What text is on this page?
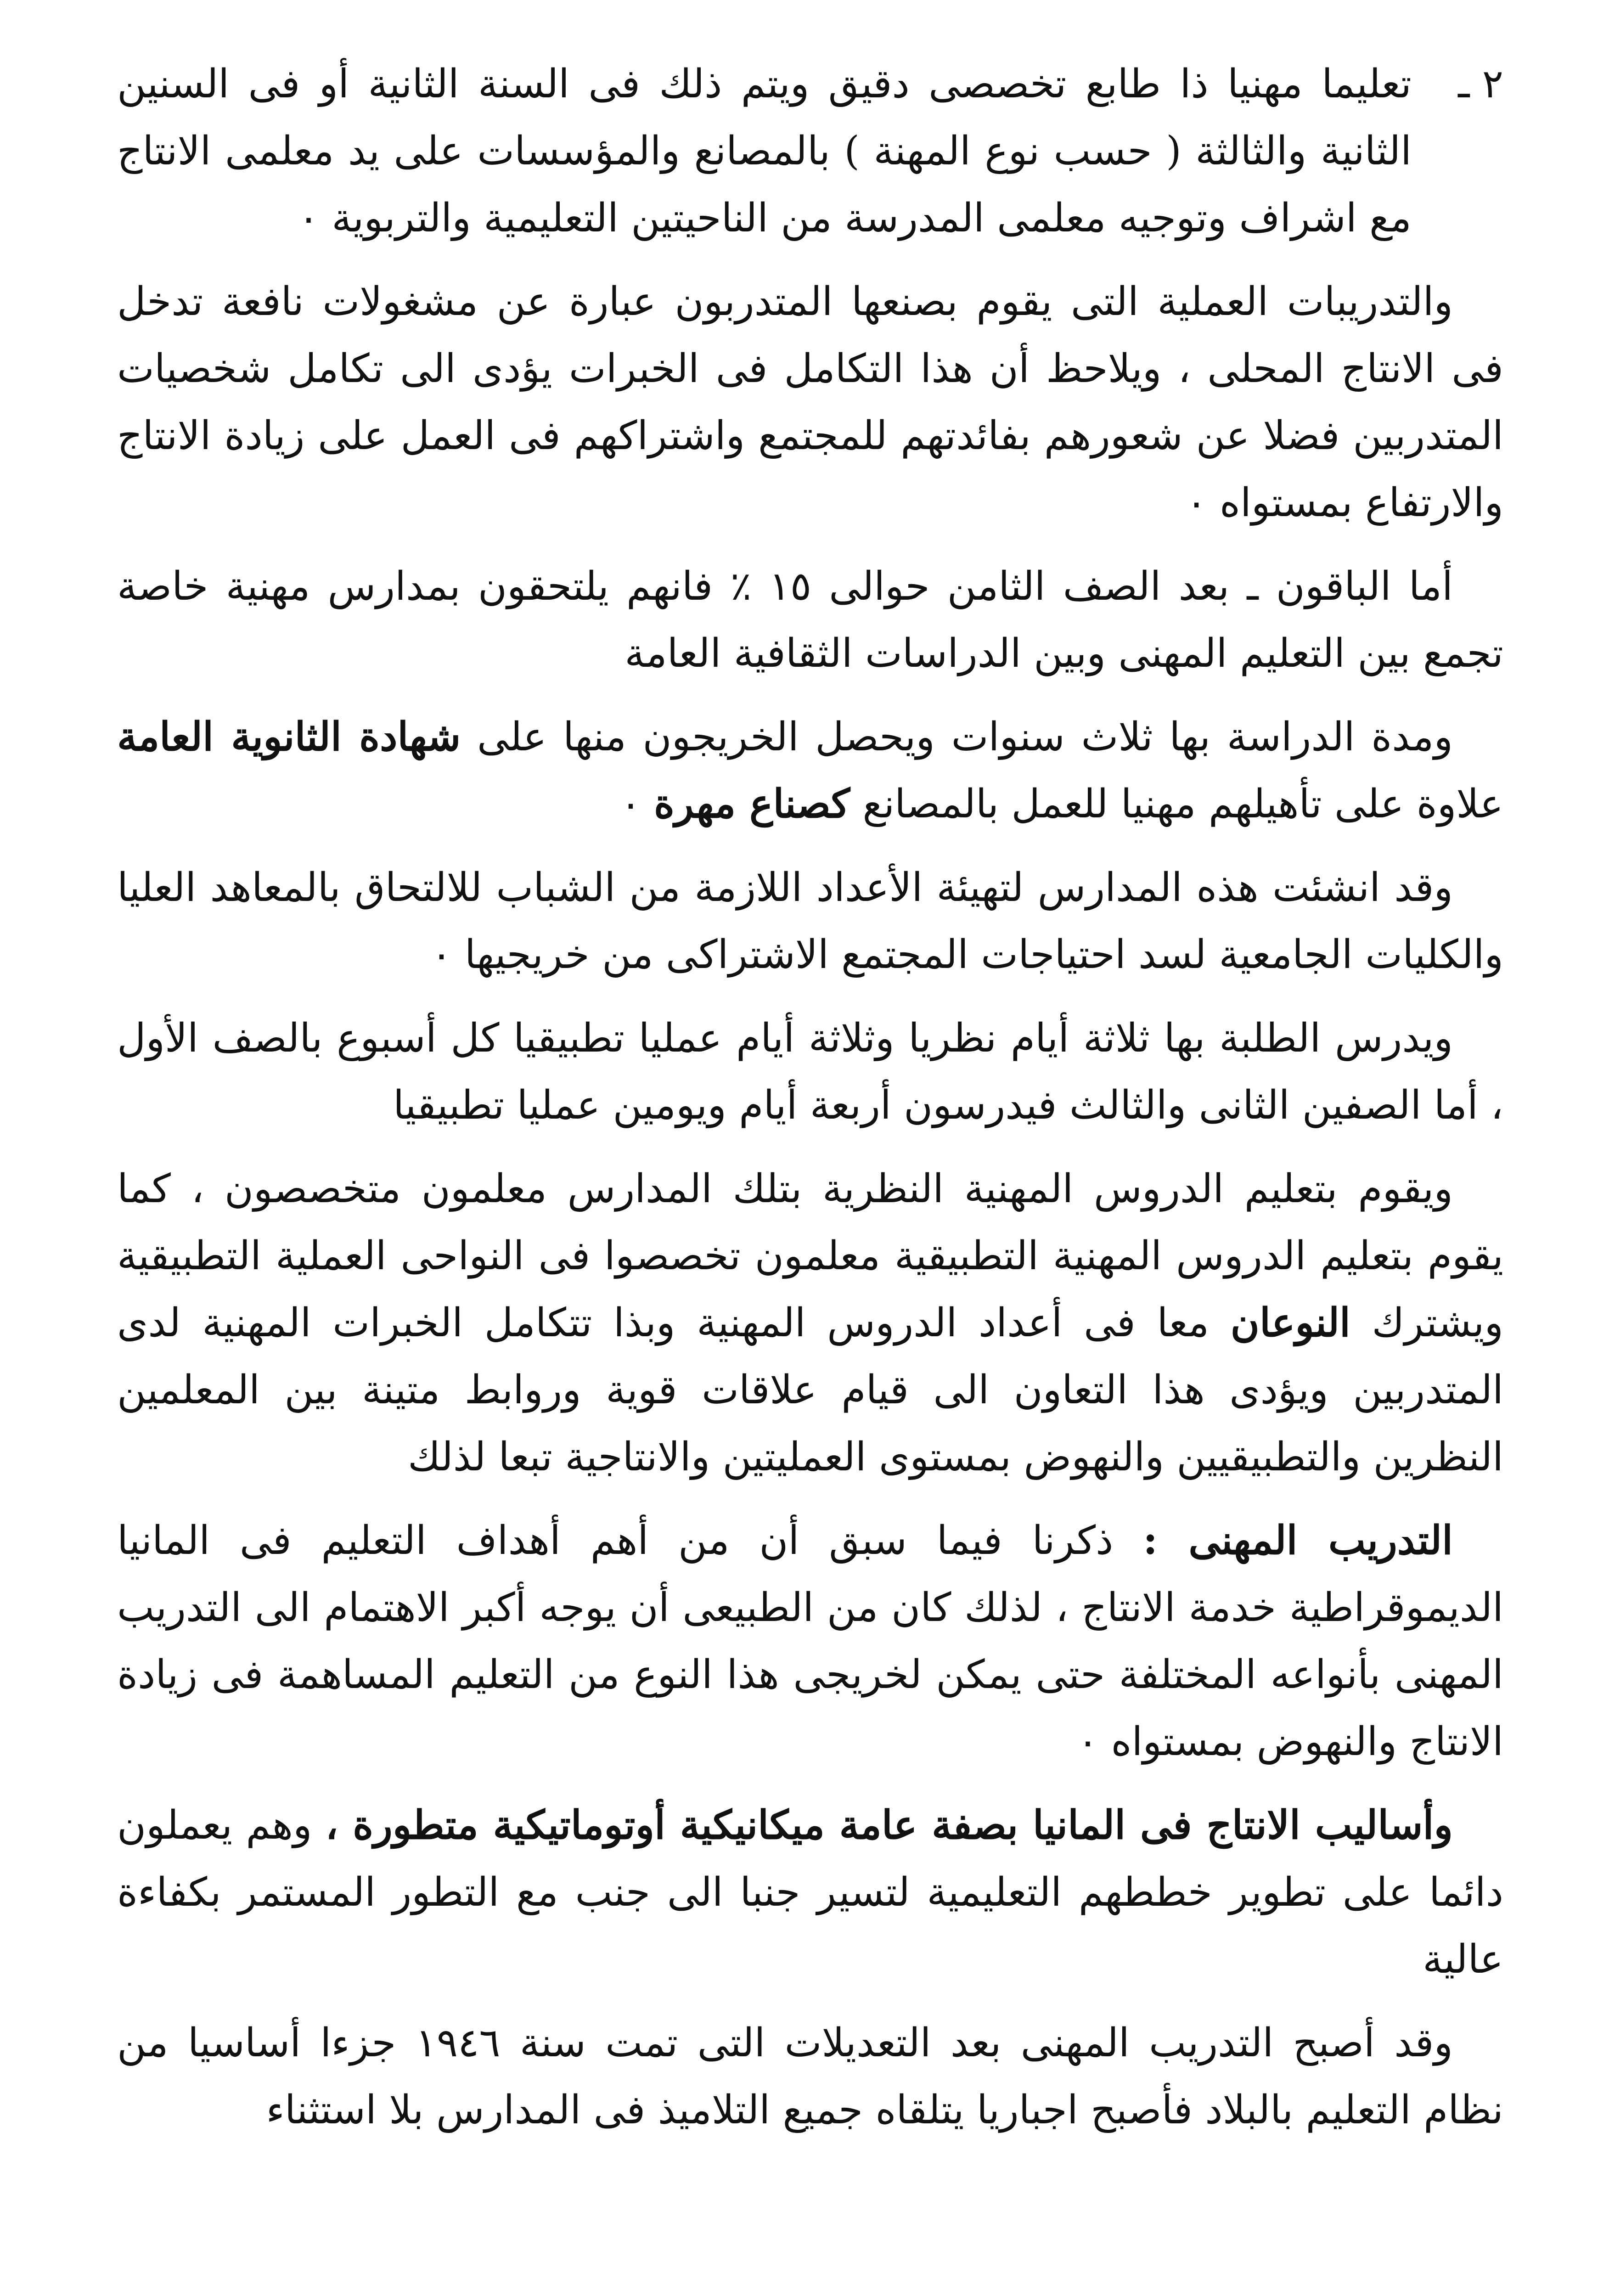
٢ ـ
تعليما مهنيا ذا طابع تخصصى دقيق ويتم ذلك فى السنة الثانية أو فى السنين الثانية والثالثة ( حسب نوع المهنة ) بالمصانع والمؤسسات على يد معلمى الانتاج مع اشراف وتوجيه معلمى المدرسة من الناحيتين التعليمية والتربوية ٠

والتدريبات العملية التى يقوم بصنعها المتدربون عبارة عن مشغولات نافعة تدخل فى الانتاج المحلى ، ويلاحظ أن هذا التكامل فى الخبرات يؤدى الى تكامل شخصيات المتدربين فضلا عن شعورهم بفائدتهم للمجتمع واشتراكهم فى العمل على زيادة الانتاج والارتفاع بمستواه ٠

أما الباقون ـ بعد الصف الثامن حوالى ١٥ ٪ فانهم يلتحقون بمدارس مهنية خاصة تجمع بين التعليم المهنى وبين الدراسات الثقافية العامة

ومدة الدراسة بها ثلاث سنوات ويحصل الخريجون منها على شهادة الثانوية العامة علاوة على تأهيلهم مهنيا للعمل بالمصانع كصناع مهرة ٠

وقد انشئت هذه المدارس لتهيئة الأعداد اللازمة من الشباب للالتحاق بالمعاهد العليا والكليات الجامعية لسد احتياجات المجتمع الاشتراكى من خريجيها ٠

ويدرس الطلبة بها ثلاثة أيام نظريا وثلاثة أيام عمليا تطبيقيا كل أسبوع بالصف الأول ، أما الصفين الثانى والثالث فيدرسون أربعة أيام ويومين عمليا تطبيقيا

ويقوم بتعليم الدروس المهنية النظرية بتلك المدارس معلمون متخصصون ، كما يقوم بتعليم الدروس المهنية التطبيقية معلمون تخصصوا فى النواحى العملية التطبيقية ويشترك النوعان معا فى أعداد الدروس المهنية وبذا تتكامل الخبرات المهنية لدى المتدربين ويؤدى هذا التعاون الى قيام علاقات قوية وروابط متينة بين المعلمين النظرين والتطبيقيين والنهوض بمستوى العمليتين والانتاجية تبعا لذلك

التدريب المهنى : ذكرنا فيما سبق أن من أهم أهداف التعليم فى المانيا الديموقراطية خدمة الانتاج ، لذلك كان من الطبيعى أن يوجه أكبر الاهتمام الى التدريب المهنى بأنواعه المختلفة حتى يمكن لخريجى هذا النوع من التعليم المساهمة فى زيادة الانتاج والنهوض بمستواه ٠

وأساليب الانتاج فى المانيا بصفة عامة ميكانيكية أوتوماتيكية متطورة ، وهم يعملون دائما على تطوير خططهم التعليمية لتسير جنبا الى جنب مع التطور المستمر بكفاءة عالية

وقد أصبح التدريب المهنى بعد التعديلات التى تمت سنة ١٩٤٦ جزءا أساسيا من نظام التعليم بالبلاد فأصبح اجباريا يتلقاه جميع التلاميذ فى المدارس بلا استثناء
